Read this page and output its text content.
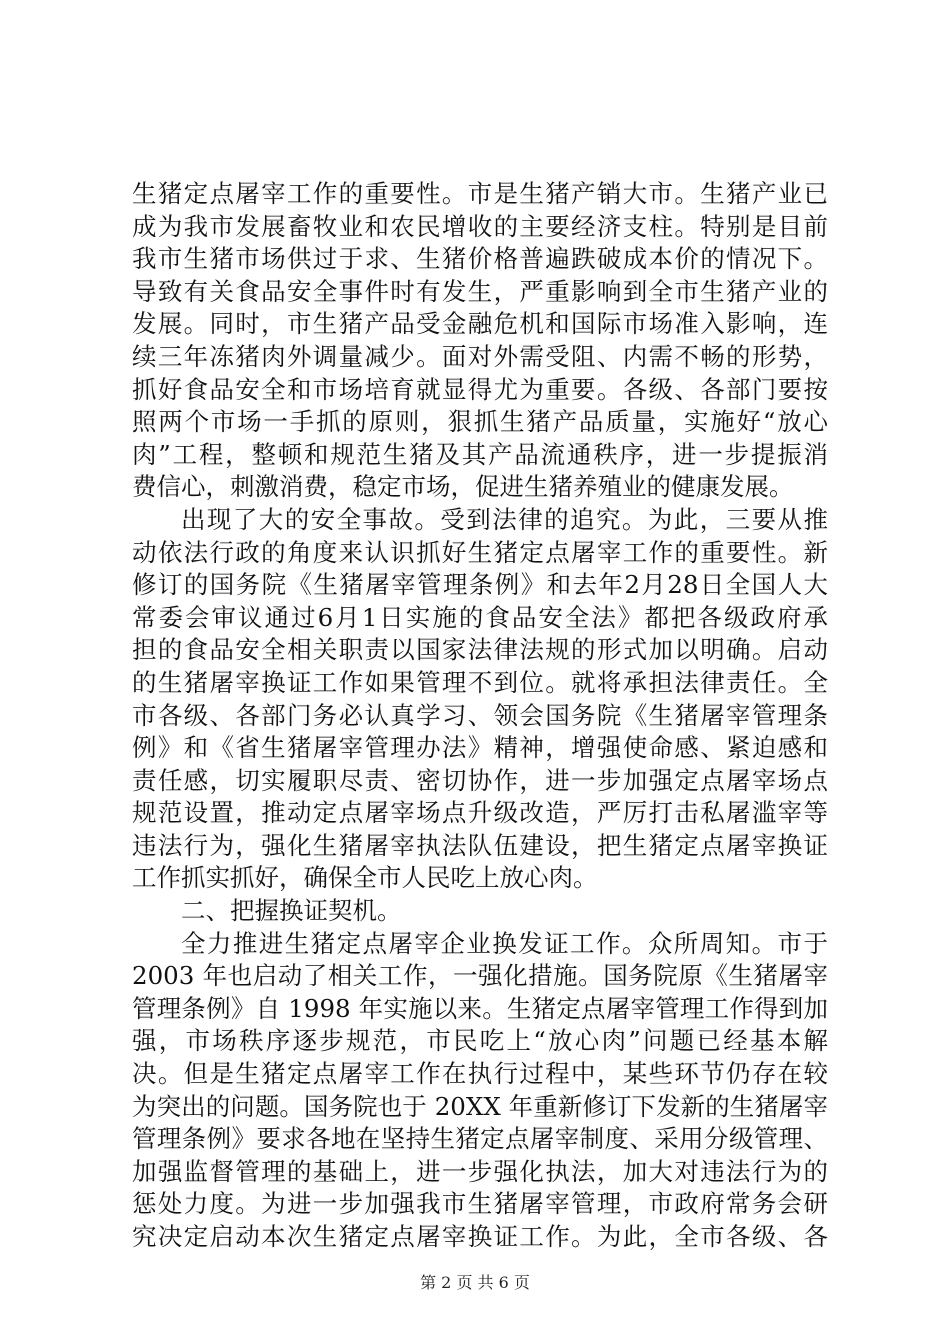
生猪定点屠宰工作的重要性。市是生猪产销大市。生猪产业已
成为我市发展畜牧业和农民增收的主要经济支柱。特别是目前
我市生猪市场供过于求、生猪价格普遍跌破成本价的情况下。
导致有关食品安全事件时有发生，严重影响到全市生猪产业的
发展。同时，市生猪产品受金融危机和国际市场准入影响，连
续三年冻猪肉外调量减少。面对外需受阻、内需不畅的形势，
抓好食品安全和市场培育就显得尤为重要。各级、各部门要按
照两个市场一手抓的原则，狠抓生猪产品质量，实施好“放心
肉”工程，整顿和规范生猪及其产品流通秩序，进一步提振消
费信心，刺激消费，稳定市场，促进生猪养殖业的健康发展。
出现了大的安全事故。受到法律的追究。为此，三要从推
动依法行政的角度来认识抓好生猪定点屠宰工作的重要性。新
修订的国务院《生猪屠宰管理条例》和去年2月28日全国人大
常委会审议通过6月1日实施的食品安全法》都把各级政府承
担的食品安全相关职责以国家法律法规的形式加以明确。启动
的生猪屠宰换证工作如果管理不到位。就将承担法律责任。全
市各级、各部门务必认真学习、领会国务院《生猪屠宰管理条
例》和《省生猪屠宰管理办法》精神，增强使命感、紧迫感和
责任感，切实履职尽责、密切协作，进一步加强定点屠宰场点
规范设置，推动定点屠宰场点升级改造，严厉打击私屠滥宰等
违法行为，强化生猪屠宰执法队伍建设，把生猪定点屠宰换证
工作抓实抓好，确保全市人民吃上放心肉。
二、把握换证契机。
全力推进生猪定点屠宰企业换发证工作。众所周知。市于
2003 年也启动了相关工作，一强化措施。国务院原《生猪屠宰
管理条例》自 1998 年实施以来。生猪定点屠宰管理工作得到加
强，市场秩序逐步规范，市民吃上“放心肉”问题已经基本解
决。但是生猪定点屠宰工作在执行过程中，某些环节仍存在较
为突出的问题。国务院也于 20XX 年重新修订下发新的生猪屠宰
管理条例》要求各地在坚持生猪定点屠宰制度、采用分级管理、
加强监督管理的基础上，进一步强化执法，加大对违法行为的
惩处力度。为进一步加强我市生猪屠宰管理，市政府常务会研
究决定启动本次生猪定点屠宰换证工作。为此，全市各级、各
第 2 页 共 6 页
